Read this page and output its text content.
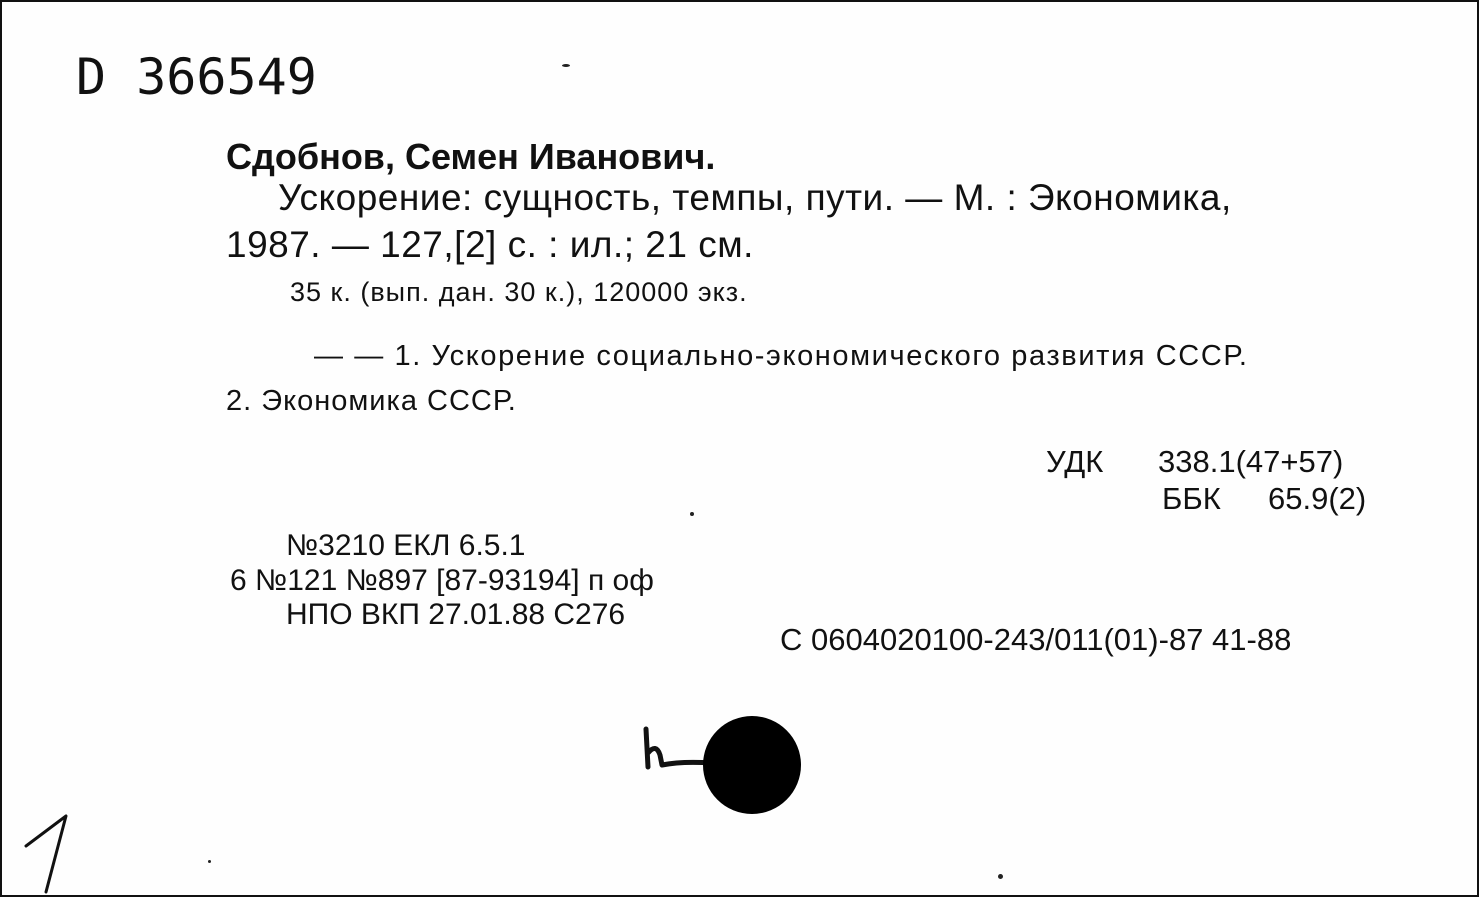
D 366549
Сдобнов, Семен Иванович.
Ускорение: сущность, темпы, пути. — М. : Экономика,
1987. — 127,[2] с. : ил.; 21 см.
35 к. (вып. дан. 30 к.), 120000 экз.
— — 1. Ускорение социально-экономического развития СССР.
2. Экономика СССР.
УДК 338.1(47+57)
ББК 65.9(2)
№3210 ЕКЛ 6.5.1
6 №121 №897 [87-93194] п оф
НПО ВКП 27.01.88 С276
С 0604020100-243/011(01)-87 41-88
